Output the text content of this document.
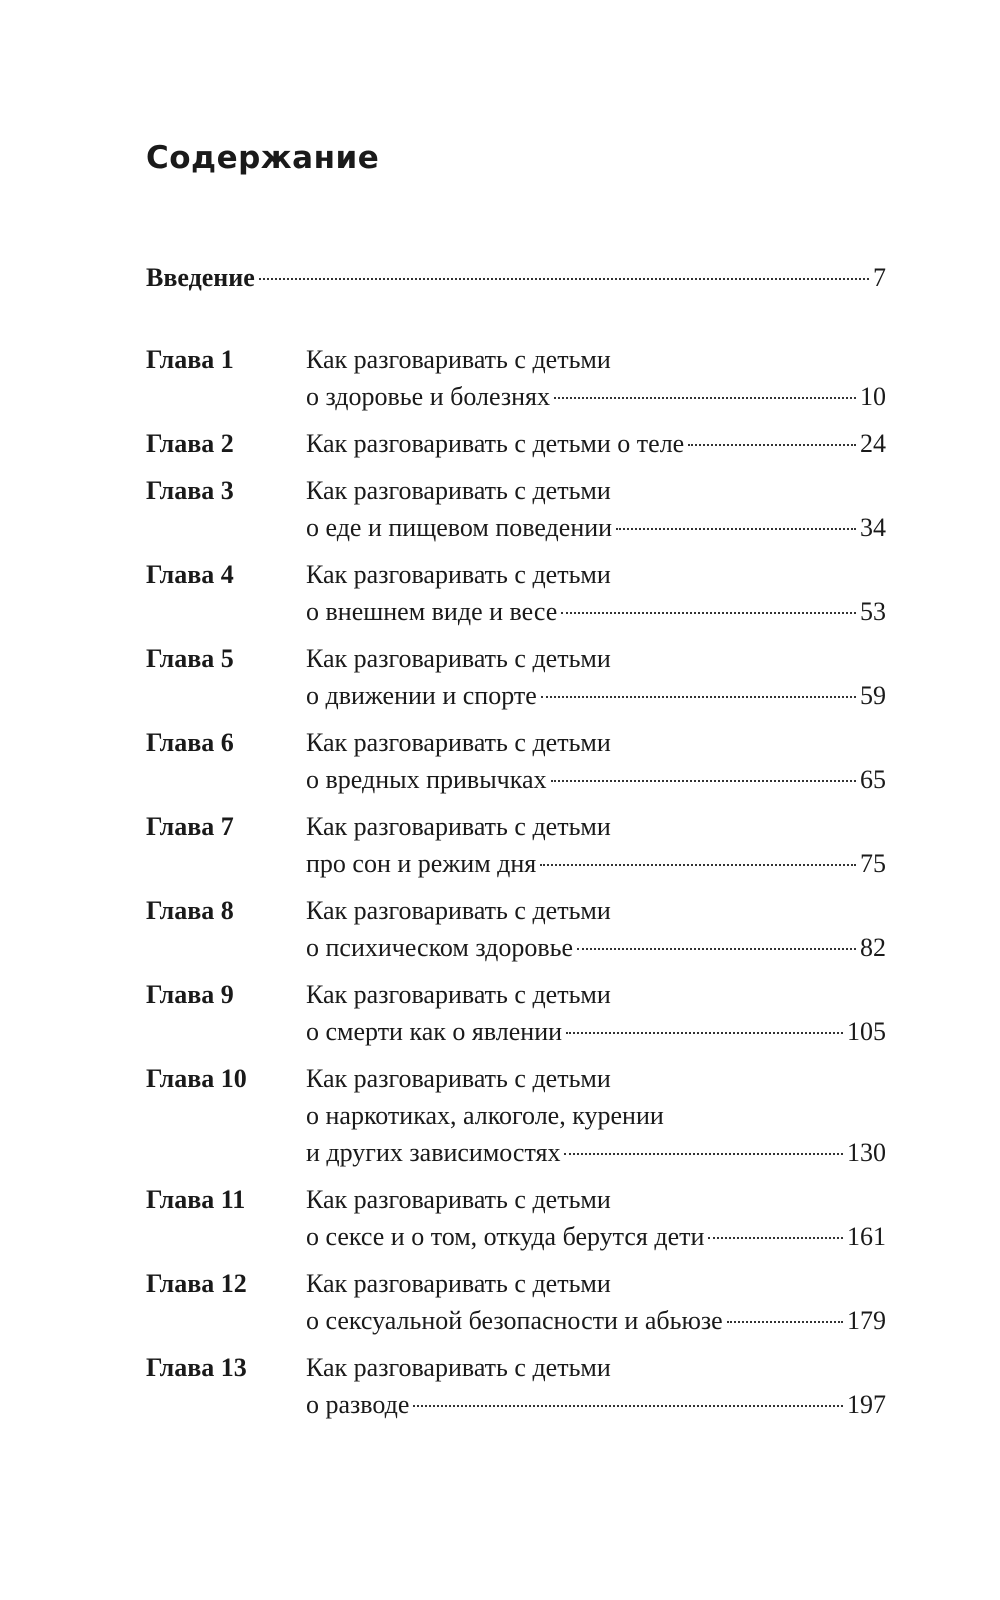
Содержание
Введение	7
Глава 1	Как разговаривать с детьми
о здоровье и болезнях	10
Глава 2	Как разговаривать с детьми о теле	24
Глава 3	Как разговаривать с детьми
о еде и пищевом поведении	34
Глава 4	Как разговаривать с детьми
о внешнем виде и весе	53
Глава 5	Как разговаривать с детьми
о движении и спорте	59
Глава 6	Как разговаривать с детьми
о вредных привычках	65
Глава 7	Как разговаривать с детьми
про сон и режим дня	75
Глава 8	Как разговаривать с детьми
о психическом здоровье	82
Глава 9	Как разговаривать с детьми
о смерти как о явлении	105
Глава 10	Как разговаривать с детьми
о наркотиках, алкоголе, курении
и других зависимостях	130
Глава 11	Как разговаривать с детьми
о сексе и о том, откуда берутся дети	161
Глава 12	Как разговаривать с детьми
о сексуальной безопасности и абьюзе	179
Глава 13	Как разговаривать с детьми
о разводе	197
